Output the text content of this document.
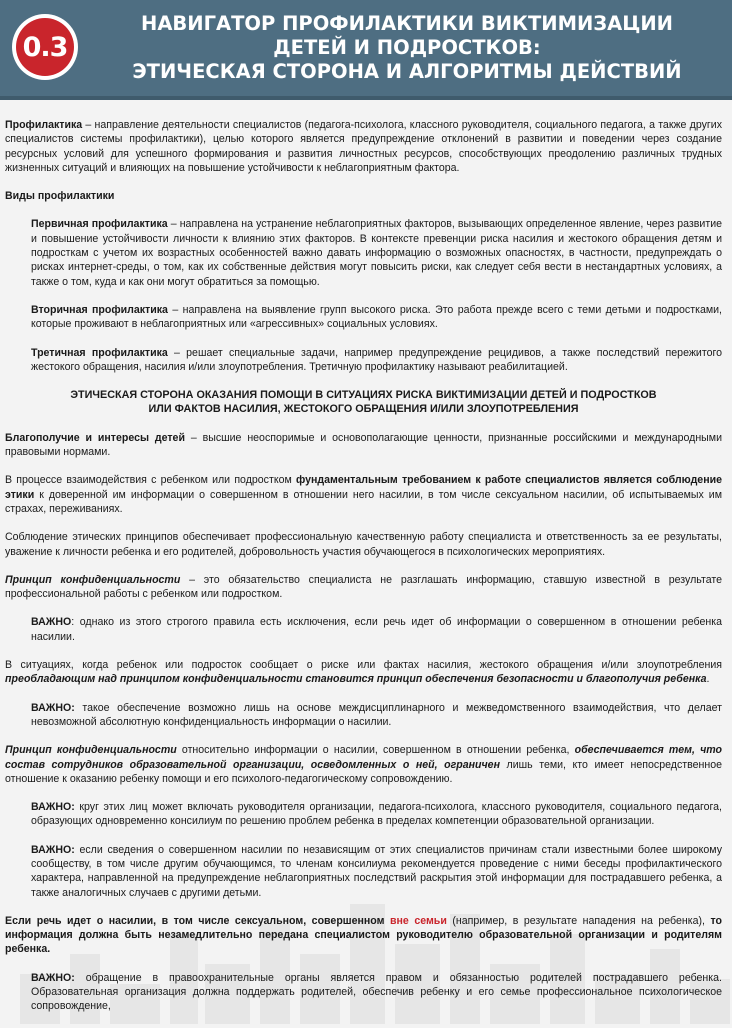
0.3
НАВИГАТОР ПРОФИЛАКТИКИ ВИКТИМИЗАЦИИ
ДЕТЕЙ И ПОДРОСТКОВ:
ЭТИЧЕСКАЯ СТОРОНА И АЛГОРИТМЫ ДЕЙСТВИЙ

Профилактика – направление деятельности специалистов (педагога-психолога, классного руководителя, социального педагога, а также других специалистов системы профилактики), целью которого является предупреждение отклонений в развитии и поведении через создание ресурсных условий для успешного формирования и развития личностных ресурсов, способствующих преодолению различных трудных жизненных ситуаций и влияющих на повышение устойчивости к неблагоприятным фактора.

Виды профилактики

Первичная профилактика – направлена на устранение неблагоприятных факторов, вызывающих определенное явление, через развитие и повышение устойчивости личности к влиянию этих факторов. В контексте превенции риска насилия и жестокого обращения детям и подросткам с учетом их возрастных особенностей важно давать информацию о возможных опасностях, в частности, предупреждать о рисках интернет-среды, о том, как их собственные действия могут повысить риски, как следует себя вести в нестандартных условиях, а также о том, куда и как они могут обратиться за помощью.

Вторичная профилактика – направлена на выявление групп высокого риска. Это работа прежде всего с теми детьми и подростками, которые проживают в неблагоприятных или «агрессивных» социальных условиях.

Третичная профилактика – решает специальные задачи, например предупреждение рецидивов, а также последствий пережитого жестокого обращения, насилия и/или злоупотребления. Третичную профилактику называют реабилитацией.

ЭТИЧЕСКАЯ СТОРОНА ОКАЗАНИЯ ПОМОЩИ В СИТУАЦИЯХ РИСКА ВИКТИМИЗАЦИИ ДЕТЕЙ И ПОДРОСТКОВ
ИЛИ ФАКТОВ НАСИЛИЯ, ЖЕСТОКОГО ОБРАЩЕНИЯ И/ИЛИ ЗЛОУПОТРЕБЛЕНИЯ

Благополучие и интересы детей – высшие неоспоримые и основополагающие ценности, признанные российскими и международными правовыми нормами.

В процессе взаимодействия с ребенком или подростком фундаментальным требованием к работе специалистов является соблюдение этики к доверенной им информации о совершенном в отношении него насилии, в том числе сексуальном насилии, об испытываемых им страхах, переживаниях.

Соблюдение этических принципов обеспечивает профессиональную качественную работу специалиста и ответственность за ее результаты, уважение к личности ребенка и его родителей, добровольность участия обучающегося в психологических мероприятиях.

Принцип конфиденциальности – это обязательство специалиста не разглашать информацию, ставшую известной в результате профессиональной работы с ребенком или подростком.

ВАЖНО: однако из этого строгого правила есть исключения, если речь идет об информации о совершенном в отношении ребенка насилии.

В ситуациях, когда ребенок или подросток сообщает о риске или фактах насилия, жестокого обращения и/или злоупотребления преобладающим над принципом конфиденциальности становится принцип обеспечения безопасности и благополучия ребенка.

ВАЖНО: такое обеспечение возможно лишь на основе междисциплинарного и межведомственного взаимодействия, что делает невозможной абсолютную конфиденциальность информации о насилии.

Принцип конфиденциальности относительно информации о насилии, совершенном в отношении ребенка, обеспечивается тем, что состав сотрудников образовательной организации, осведомленных о ней, ограничен лишь теми, кто имеет непосредственное отношение к оказанию ребенку помощи и его психолого-педагогическому сопровождению.

ВАЖНО: круг этих лиц может включать руководителя организации, педагога-психолога, классного руководителя, социального педагога, образующих одновременно консилиум по решению проблем ребенка в пределах компетенции образовательной организации.

ВАЖНО: если сведения о совершенном насилии по независящим от этих специалистов причинам стали известными более широкому сообществу, в том числе другим обучающимся, то членам консилиума рекомендуется проведение с ними беседы профилактического характера, направленной на предупреждение неблагоприятных последствий раскрытия этой информации для пострадавшего ребенка, а также аналогичных случаев с другими детьми.

Если речь идет о насилии, в том числе сексуальном, совершенном вне семьи (например, в результате нападения на ребенка), то информация должна быть незамедлительно передана специалистом руководителю образовательной организации и родителям ребенка.

ВАЖНО: обращение в правоохранительные органы является правом и обязанностью родителей пострадавшего ребенка. Образовательная организация должна поддержать родителей, обеспечив ребенку и его семье профессиональное психологическое сопровождение,
